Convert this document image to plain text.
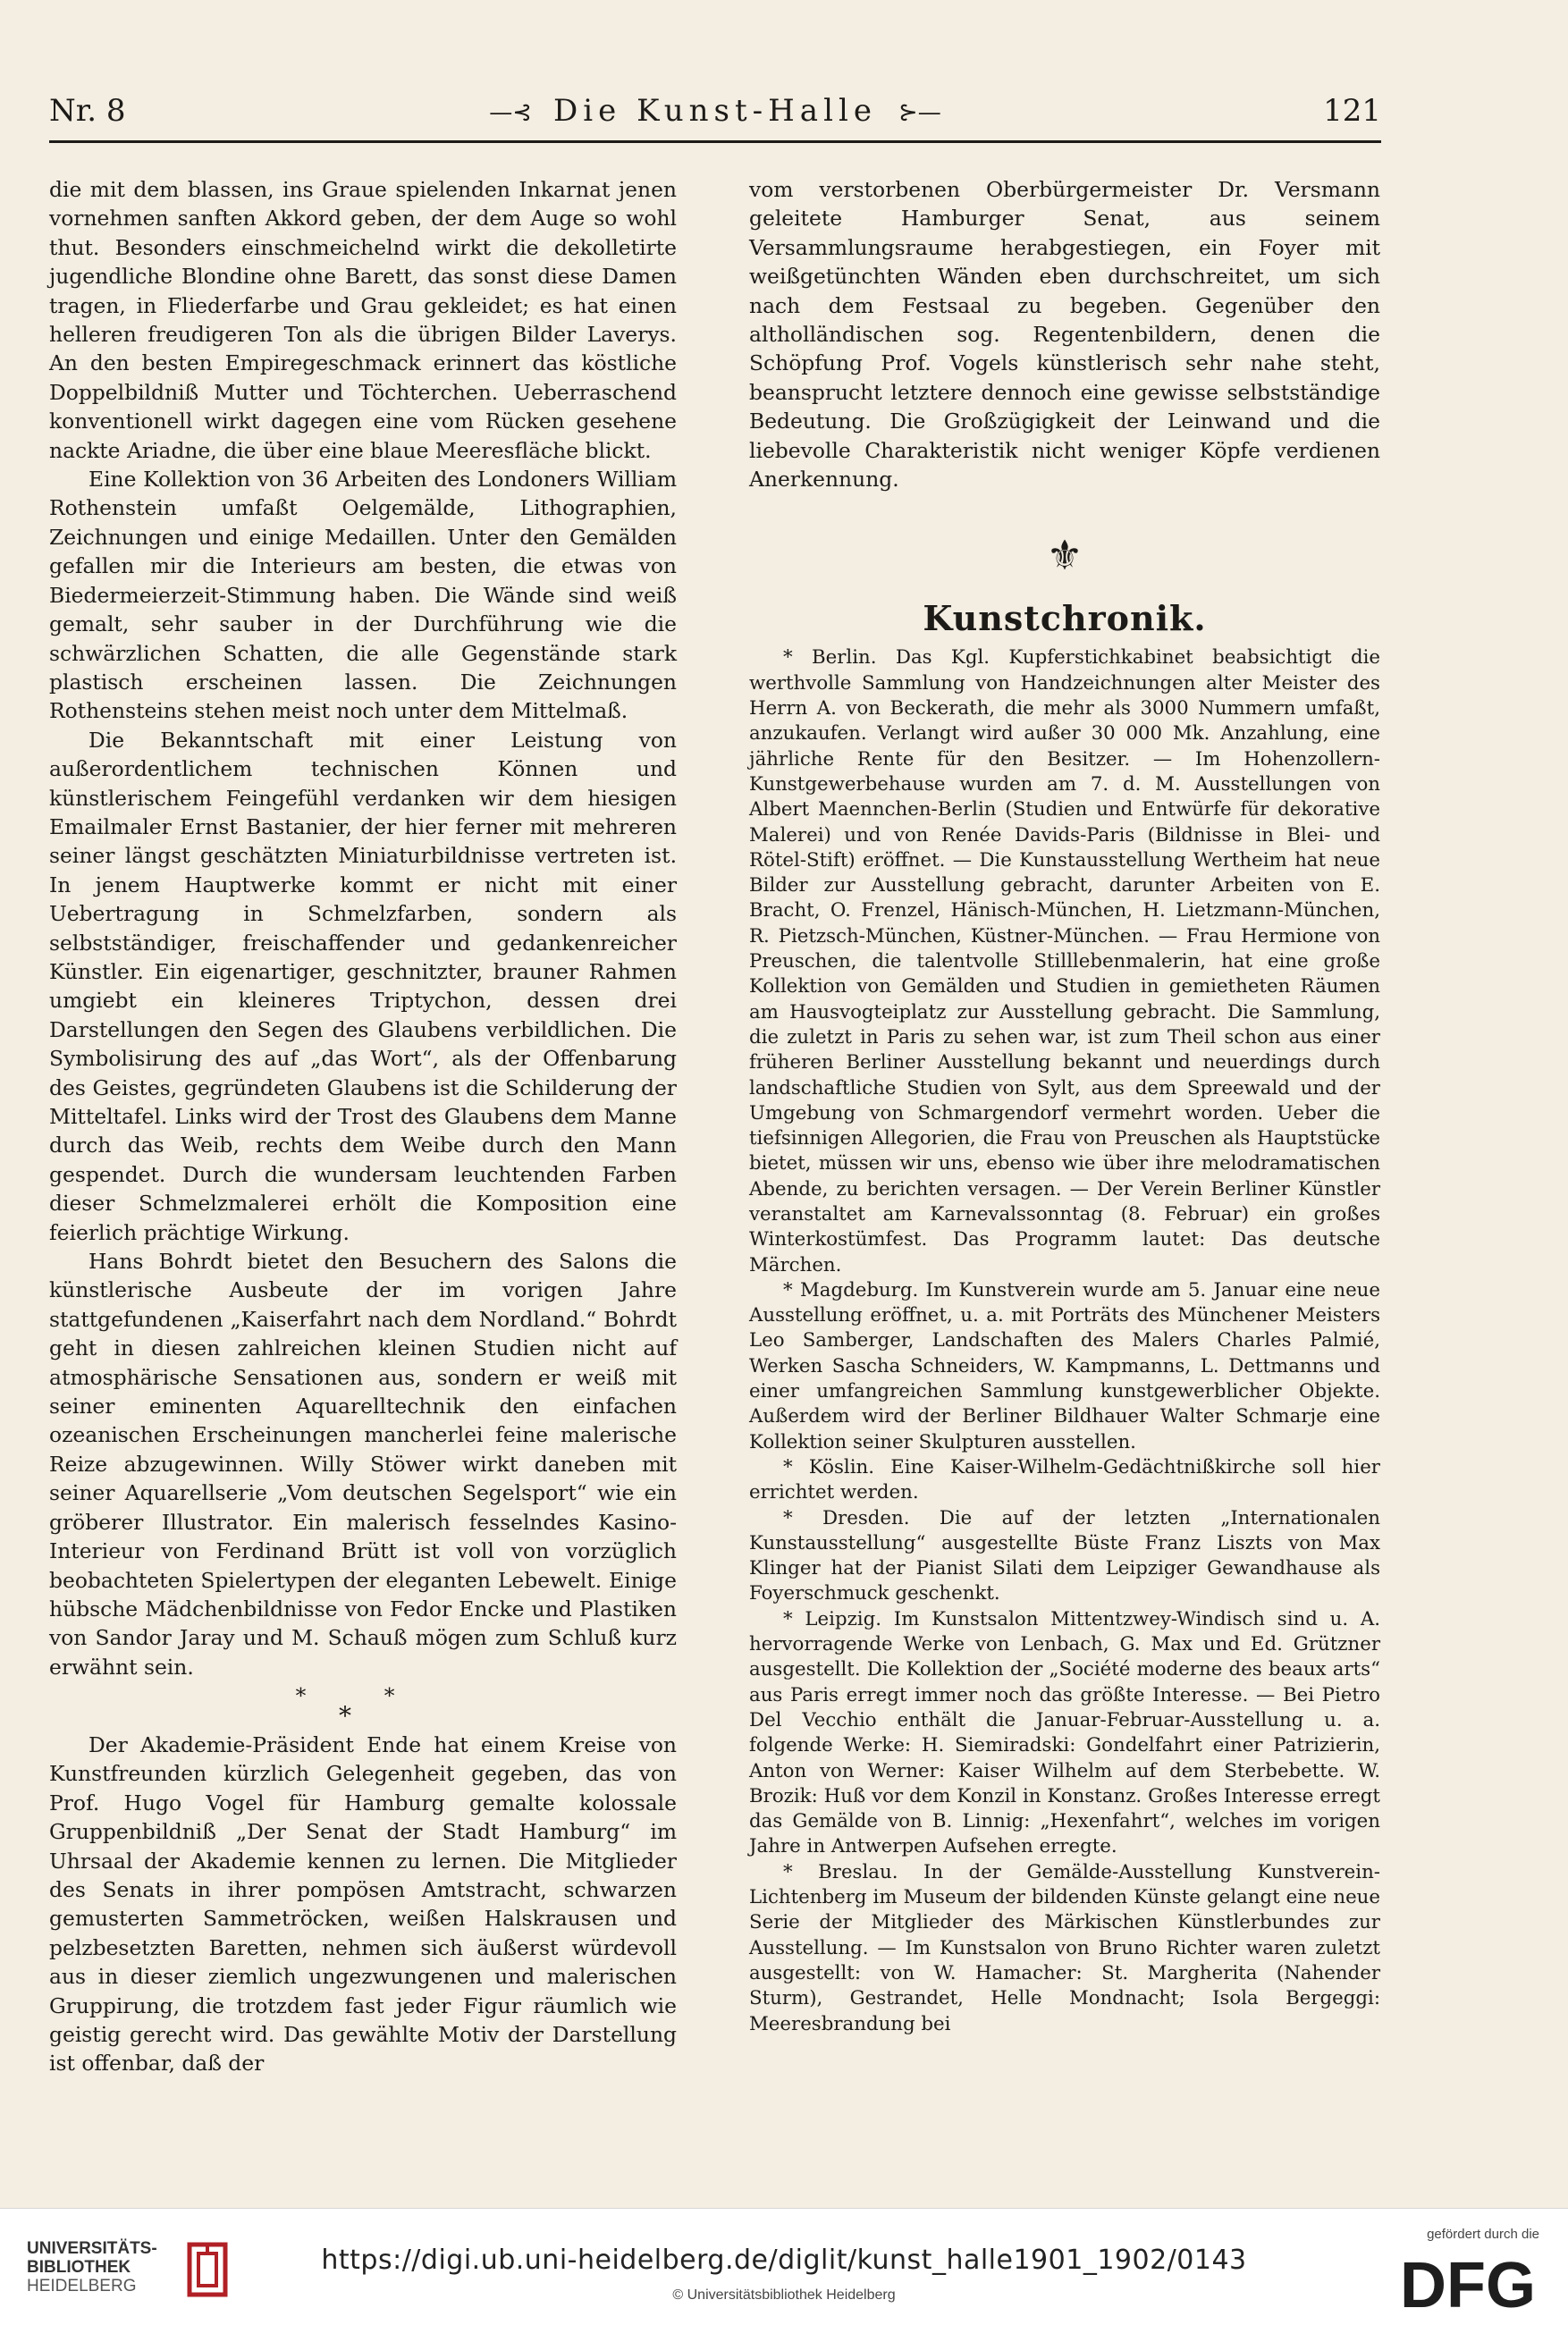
Nr. 8	—⊰ Die Kunst-Halle ⊱—	121

die mit dem blassen, ins Graue spielenden Inkarnat jenen vornehmen sanften Akkord geben, der dem Auge so wohl thut. Besonders einschmeichelnd wirkt die dekolletirte jugendliche Blondine ohne Barett, das sonst diese Damen tragen, in Fliederfarbe und Grau gekleidet; es hat einen helleren freudigeren Ton als die übrigen Bilder Laverys. An den besten Empiregeschmack erinnert das köstliche Doppelbildniß Mutter und Töchterchen. Ueberraschend konventionell wirkt dagegen eine vom Rücken gesehene nackte Ariadne, die über eine blaue Meeresfläche blickt.

Eine Kollektion von 36 Arbeiten des Londoners William Rothenstein umfaßt Oelgemälde, Lithographien, Zeichnungen und einige Medaillen. Unter den Gemälden gefallen mir die Interieurs am besten, die etwas von Biedermeierzeit-Stimmung haben. Die Wände sind weiß gemalt, sehr sauber in der Durchführung wie die schwärzlichen Schatten, die alle Gegenstände stark plastisch erscheinen lassen. Die Zeichnungen Rothensteins stehen meist noch unter dem Mittelmaß.

Die Bekanntschaft mit einer Leistung von außerordentlichem technischen Können und künstlerischem Feingefühl verdanken wir dem hiesigen Emailmaler Ernst Bastanier, der hier ferner mit mehreren seiner längst geschätzten Miniaturbildnisse vertreten ist. In jenem Hauptwerke kommt er nicht mit einer Uebertragung in Schmelzfarben, sondern als selbstständiger, freischaffender und gedankenreicher Künstler. Ein eigenartiger, geschnitzter, brauner Rahmen umgiebt ein kleineres Triptychon, dessen drei Darstellungen den Segen des Glaubens verbildlichen. Die Symbolisirung des auf „das Wort“, als der Offenbarung des Geistes, gegründeten Glaubens ist die Schilderung der Mitteltafel. Links wird der Trost des Glaubens dem Manne durch das Weib, rechts dem Weibe durch den Mann gespendet. Durch die wundersam leuchtenden Farben dieser Schmelzmalerei erhölt die Komposition eine feierlich prächtige Wirkung.

Hans Bohrdt bietet den Besuchern des Salons die künstlerische Ausbeute der im vorigen Jahre stattgefundenen „Kaiserfahrt nach dem Nordland.“ Bohrdt geht in diesen zahlreichen kleinen Studien nicht auf atmosphärische Sensationen aus, sondern er weiß mit seiner eminenten Aquarelltechnik den einfachen ozeanischen Erscheinungen mancherlei feine malerische Reize abzugewinnen. Willy Stöwer wirkt daneben mit seiner Aquarellserie „Vom deutschen Segelsport“ wie ein gröberer Illustrator. Ein malerisch fesselndes Kasino-Interieur von Ferdinand Brütt ist voll von vorzüglich beobachteten Spielertypen der eleganten Lebewelt. Einige hübsche Mädchenbildnisse von Fedor Encke und Plastiken von Sandor Jaray und M. Schauß mögen zum Schluß kurz erwähnt sein.

* *

*

Der Akademie-Präsident Ende hat einem Kreise von Kunstfreunden kürzlich Gelegenheit gegeben, das von Prof. Hugo Vogel für Hamburg gemalte kolossale Gruppenbildniß „Der Senat der Stadt Hamburg“ im Uhrsaal der Akademie kennen zu lernen. Die Mitglieder des Senats in ihrer pompösen Amtstracht, schwarzen gemusterten Sammetröcken, weißen Halskrausen und pelzbesetzten Baretten, nehmen sich äußerst würdevoll aus in dieser ziemlich ungezwungenen und malerischen Gruppirung, die trotzdem fast jeder Figur räumlich wie geistig gerecht wird. Das gewählte Motiv der Darstellung ist offenbar, daß der

vom verstorbenen Oberbürgermeister Dr. Versmann geleitete Hamburger Senat, aus seinem Versammlungsraume herabgestiegen, ein Foyer mit weißgetünchten Wänden eben durchschreitet, um sich nach dem Festsaal zu begeben. Gegenüber den altholländischen sog. Regentenbildern, denen die Schöpfung Prof. Vogels künstlerisch sehr nahe steht, beansprucht letztere dennoch eine gewisse selbstständige Bedeutung. Die Großzügigkeit der Leinwand und die liebevolle Charakteristik nicht weniger Köpfe verdienen Anerkennung.

⚜
Kunstchronik.

* Berlin. Das Kgl. Kupferstichkabinet beabsichtigt die werthvolle Sammlung von Handzeichnungen alter Meister des Herrn A. von Beckerath, die mehr als 3000 Nummern umfaßt, anzukaufen. Verlangt wird außer 30 000 Mk. Anzahlung, eine jährliche Rente für den Besitzer. — Im Hohenzollern-Kunstgewerbehause wurden am 7. d. M. Ausstellungen von Albert Maennchen-Berlin (Studien und Entwürfe für dekorative Malerei) und von Renée Davids-Paris (Bildnisse in Blei- und Rötel-Stift) eröffnet. — Die Kunstausstellung Wertheim hat neue Bilder zur Ausstellung gebracht, darunter Arbeiten von E. Bracht, O. Frenzel, Hänisch-München, H. Lietzmann-München, R. Pietzsch-München, Küstner-München. — Frau Hermione von Preuschen, die talentvolle Stilllebenmalerin, hat eine große Kollektion von Gemälden und Studien in gemietheten Räumen am Hausvogteiplatz zur Ausstellung gebracht. Die Sammlung, die zuletzt in Paris zu sehen war, ist zum Theil schon aus einer früheren Berliner Ausstellung bekannt und neuerdings durch landschaftliche Studien von Sylt, aus dem Spreewald und der Umgebung von Schmargendorf vermehrt worden. Ueber die tiefsinnigen Allegorien, die Frau von Preuschen als Hauptstücke bietet, müssen wir uns, ebenso wie über ihre melodramatischen Abende, zu berichten versagen. — Der Verein Berliner Künstler veranstaltet am Karnevalssonntag (8. Februar) ein großes Winterkostümfest. Das Programm lautet: Das deutsche Märchen.

* Magdeburg. Im Kunstverein wurde am 5. Januar eine neue Ausstellung eröffnet, u. a. mit Porträts des Münchener Meisters Leo Samberger, Landschaften des Malers Charles Palmié, Werken Sascha Schneiders, W. Kampmanns, L. Dettmanns und einer umfangreichen Sammlung kunstgewerblicher Objekte. Außerdem wird der Berliner Bildhauer Walter Schmarje eine Kollektion seiner Skulpturen ausstellen.

* Köslin. Eine Kaiser-Wilhelm-Gedächtnißkirche soll hier errichtet werden.

* Dresden. Die auf der letzten „Internationalen Kunstausstellung“ ausgestellte Büste Franz Liszts von Max Klinger hat der Pianist Silati dem Leipziger Gewandhause als Foyerschmuck geschenkt.

* Leipzig. Im Kunstsalon Mittentzwey-Windisch sind u. A. hervorragende Werke von Lenbach, G. Max und Ed. Grützner ausgestellt. Die Kollektion der „Société moderne des beaux arts“ aus Paris erregt immer noch das größte Interesse. — Bei Pietro Del Vecchio enthält die Januar-Februar-Ausstellung u. a. folgende Werke: H. Siemiradski: Gondelfahrt einer Patrizierin, Anton von Werner: Kaiser Wilhelm auf dem Sterbebette. W. Brozik: Huß vor dem Konzil in Konstanz. Großes Interesse erregt das Gemälde von B. Linnig: „Hexenfahrt“, welches im vorigen Jahre in Antwerpen Aufsehen erregte.

* Breslau. In der Gemälde-Ausstellung Kunstverein-Lichtenberg im Museum der bildenden Künste gelangt eine neue Serie der Mitglieder des Märkischen Künstlerbundes zur Ausstellung. — Im Kunstsalon von Bruno Richter waren zuletzt ausgestellt: von W. Hamacher: St. Margherita (Nahender Sturm), Gestrandet, Helle Mondnacht; Isola Bergeggi: Meeresbrandung bei

UNIVERSITÄTS-
BIBLIOTHEK
HEIDELBERG
https://digi.ub.uni-heidelberg.de/diglit/kunst_halle1901_1902/0143
© Universitätsbibliothek Heidelberg
gefördert durch die
DFG
